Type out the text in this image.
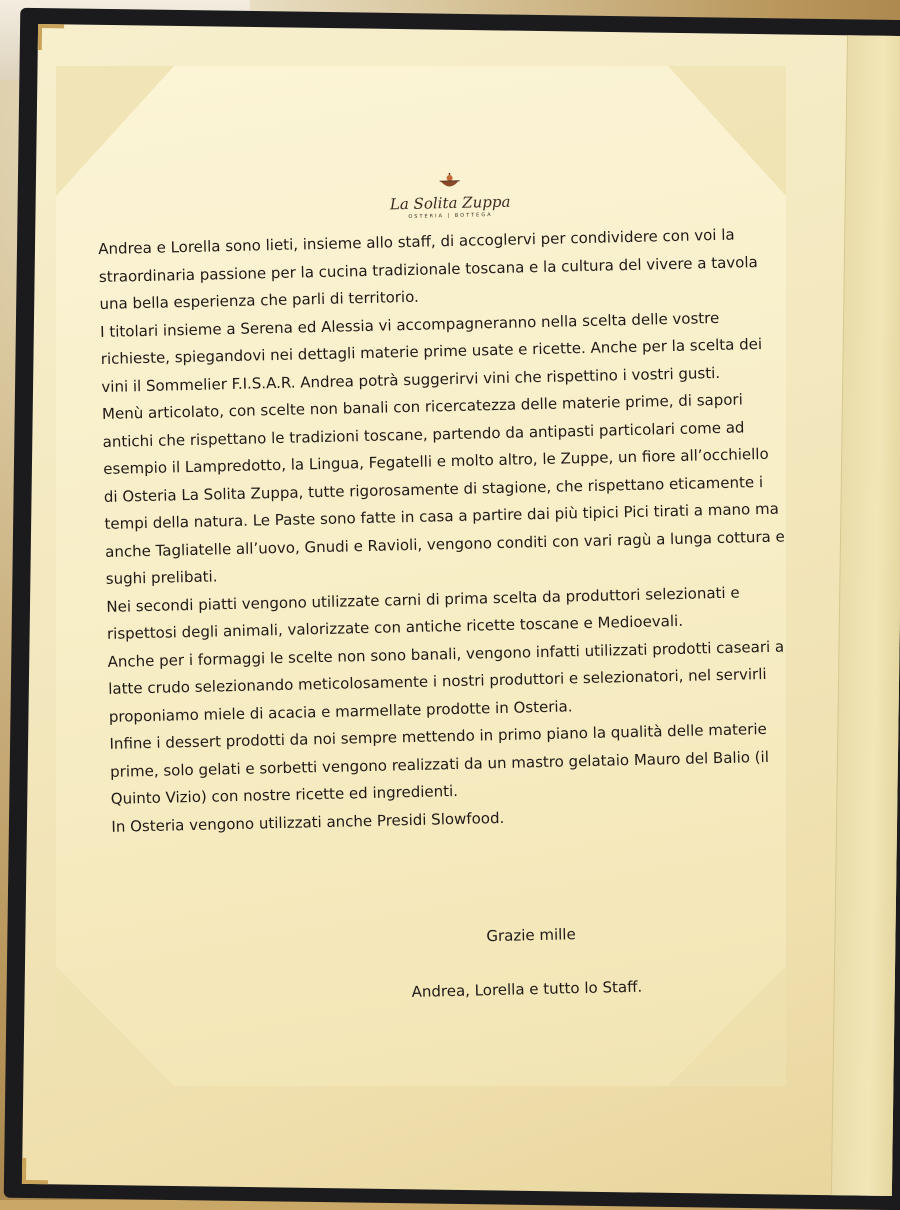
La Solita Zuppa
OSTERIA | BOTTEGA

Andrea e Lorella sono lieti, insieme allo staff, di accoglervi per condividere con voi la straordinaria passione per la cucina tradizionale toscana e la cultura del vivere a tavola una bella esperienza che parli di territorio.

I titolari insieme a Serena ed Alessia vi accompagneranno nella scelta delle vostre richieste, spiegandovi nei dettagli materie prime usate e ricette. Anche per la scelta dei vini il Sommelier F.I.S.A.R. Andrea potrà suggerirvi vini che rispettino i vostri gusti.

Menù articolato, con scelte non banali con ricercatezza delle materie prime, di sapori antichi che rispettano le tradizioni toscane, partendo da antipasti particolari come ad esempio il Lampredotto, la Lingua, Fegatelli e molto altro, le Zuppe, un fiore all’occhiello di Osteria La Solita Zuppa, tutte rigorosamente di stagione, che rispettano eticamente i tempi della natura. Le Paste sono fatte in casa a partire dai più tipici Pici tirati a mano ma anche Tagliatelle all’uovo, Gnudi e Ravioli, vengono conditi con vari ragù a lunga cottura e sughi prelibati.

Nei secondi piatti vengono utilizzate carni di prima scelta da produttori selezionati e rispettosi degli animali, valorizzate con antiche ricette toscane e Medioevali.

Anche per i formaggi le scelte non sono banali, vengono infatti utilizzati prodotti caseari a latte crudo selezionando meticolosamente i nostri produttori e selezionatori, nel servirli proponiamo miele di acacia e marmellate prodotte in Osteria.

Infine i dessert prodotti da noi sempre mettendo in primo piano la qualità delle materie prime, solo gelati e sorbetti vengono realizzati da un mastro gelataio Mauro del Balio (il Quinto Vizio) con nostre ricette ed ingredienti.

In Osteria vengono utilizzati anche Presidi Slowfood.

Grazie mille
Andrea, Lorella e tutto lo Staff.
